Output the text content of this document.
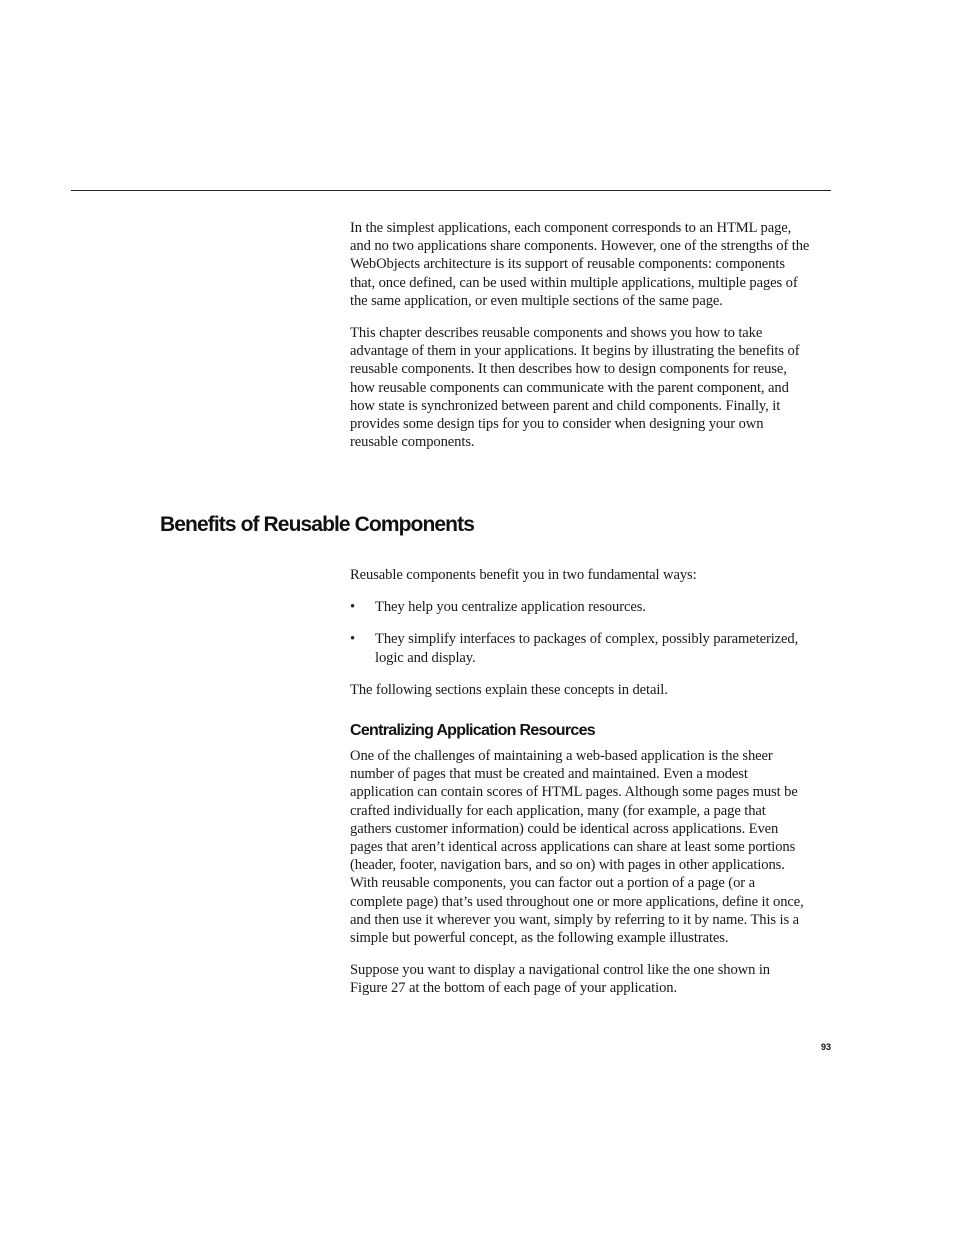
In the simplest applications, each component corresponds to an HTML page, and no two applications share components. However, one of the strengths of the WebObjects architecture is its support of reusable components: components that, once defined, can be used within multiple applications, multiple pages of the same application, or even multiple sections of the same page.

This chapter describes reusable components and shows you how to take advantage of them in your applications. It begins by illustrating the benefits of reusable components. It then describes how to design components for reuse, how reusable components can communicate with the parent component, and how state is synchronized between parent and child components. Finally, it provides some design tips for you to consider when designing your own reusable components.

Benefits of Reusable Components

Reusable components benefit you in two fundamental ways:

• They help you centralize application resources.
• They simplify interfaces to packages of complex, possibly parameterized, logic and display.

The following sections explain these concepts in detail.

Centralizing Application Resources

One of the challenges of maintaining a web-based application is the sheer number of pages that must be created and maintained. Even a modest application can contain scores of HTML pages. Although some pages must be crafted individually for each application, many (for example, a page that gathers customer information) could be identical across applications. Even pages that aren’t identical across applications can share at least some portions (header, footer, navigation bars, and so on) with pages in other applications. With reusable components, you can factor out a portion of a page (or a complete page) that’s used throughout one or more applications, define it once, and then use it wherever you want, simply by referring to it by name. This is a simple but powerful concept, as the following example illustrates.

Suppose you want to display a navigational control like the one shown in Figure 27 at the bottom of each page of your application.

93
